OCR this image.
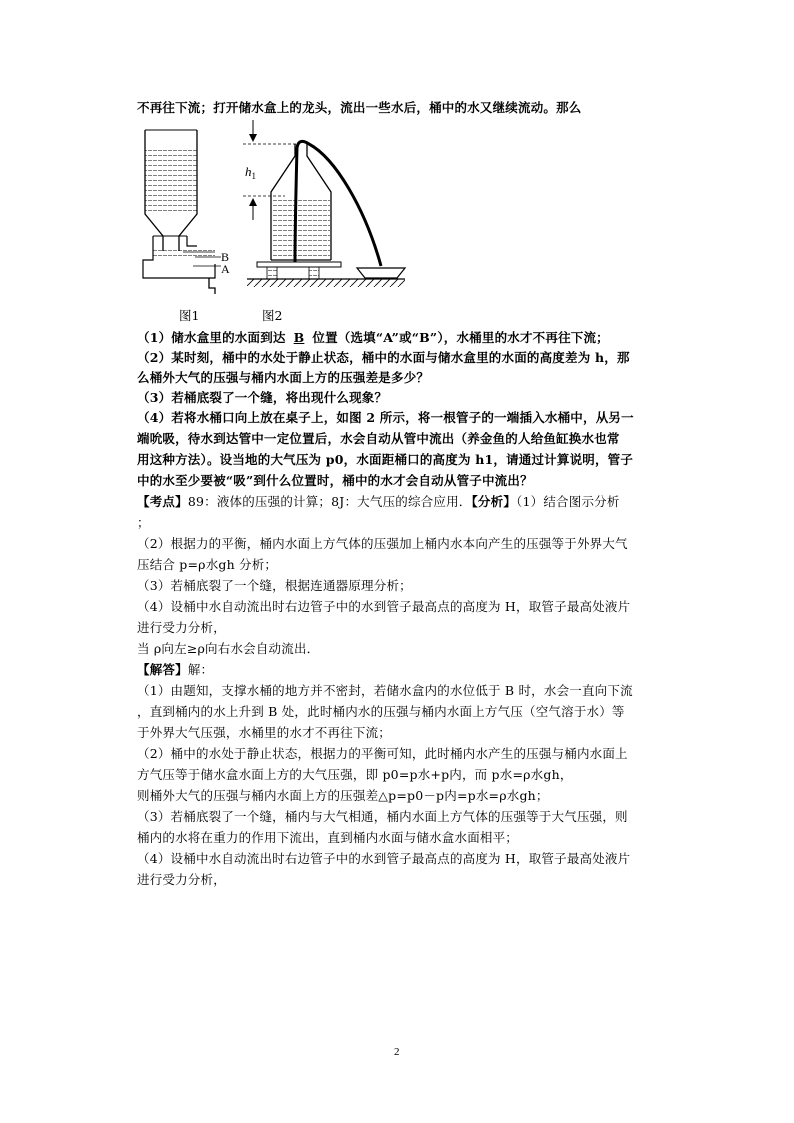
不再往下流；打开储水盒上的龙头，流出一些水后，桶中的水又继续流动。那么
B
A
$h_1$
图1	图2
（1）储水盒里的水面到达 B 位置（选填“A”或“B”），水桶里的水才不再往下流；
（2）某时刻，桶中的水处于静止状态，桶中的水面与储水盒里的水面的高度差为 h，那
么桶外大气的压强与桶内水面上方的压强差是多少？
（3）若桶底裂了一个缝，将出现什么现象？
（4）若将水桶口向上放在桌子上，如图 2 所示，将一根管子的一端插入水桶中，从另一
端吮吸，待水到达管中一定位置后，水会自动从管中流出（养金鱼的人给鱼缸换水也常
用这种方法）。设当地的大气压为 p0，水面距桶口的高度为 h1，请通过计算说明，管子
中的水至少要被“吸”到什么位置时，桶中的水才会自动从管子中流出？
【考点】89：液体的压强的计算；8J：大气压的综合应用．【分析】（1）结合图示分析
；
（2）根据力的平衡，桶内水面上方气体的压强加上桶内水本向产生的压强等于外界大气
压结合 p=ρ水gh 分析；
（3）若桶底裂了一个缝，根据连通器原理分析；
（4）设桶中水自动流出时右边管子中的水到管子最高点的高度为 H，取管子最高处液片
进行受力分析，
当 ρ向左≥ρ向右水会自动流出．
【解答】解：
（1）由题知，支撑水桶的地方并不密封，若储水盒内的水位低于 B 时，水会一直向下流
，直到桶内的水上升到 B 处，此时桶内水的压强与桶内水面上方气压（空气溶于水）等
于外界大气压强，水桶里的水才不再往下流；
（2）桶中的水处于静止状态，根据力的平衡可知，此时桶内水产生的压强与桶内水面上
方气压等于储水盒水面上方的大气压强，即 p0=p水+p内，而 p水=ρ水gh，
则桶外大气的压强与桶内水面上方的压强差△p=p0－p内=p水=ρ水gh；
（3）若桶底裂了一个缝，桶内与大气相通，桶内水面上方气体的压强等于大气压强，则
桶内的水将在重力的作用下流出，直到桶内水面与储水盒水面相平；
（4）设桶中水自动流出时右边管子中的水到管子最高点的高度为 H，取管子最高处液片
进行受力分析，
2
